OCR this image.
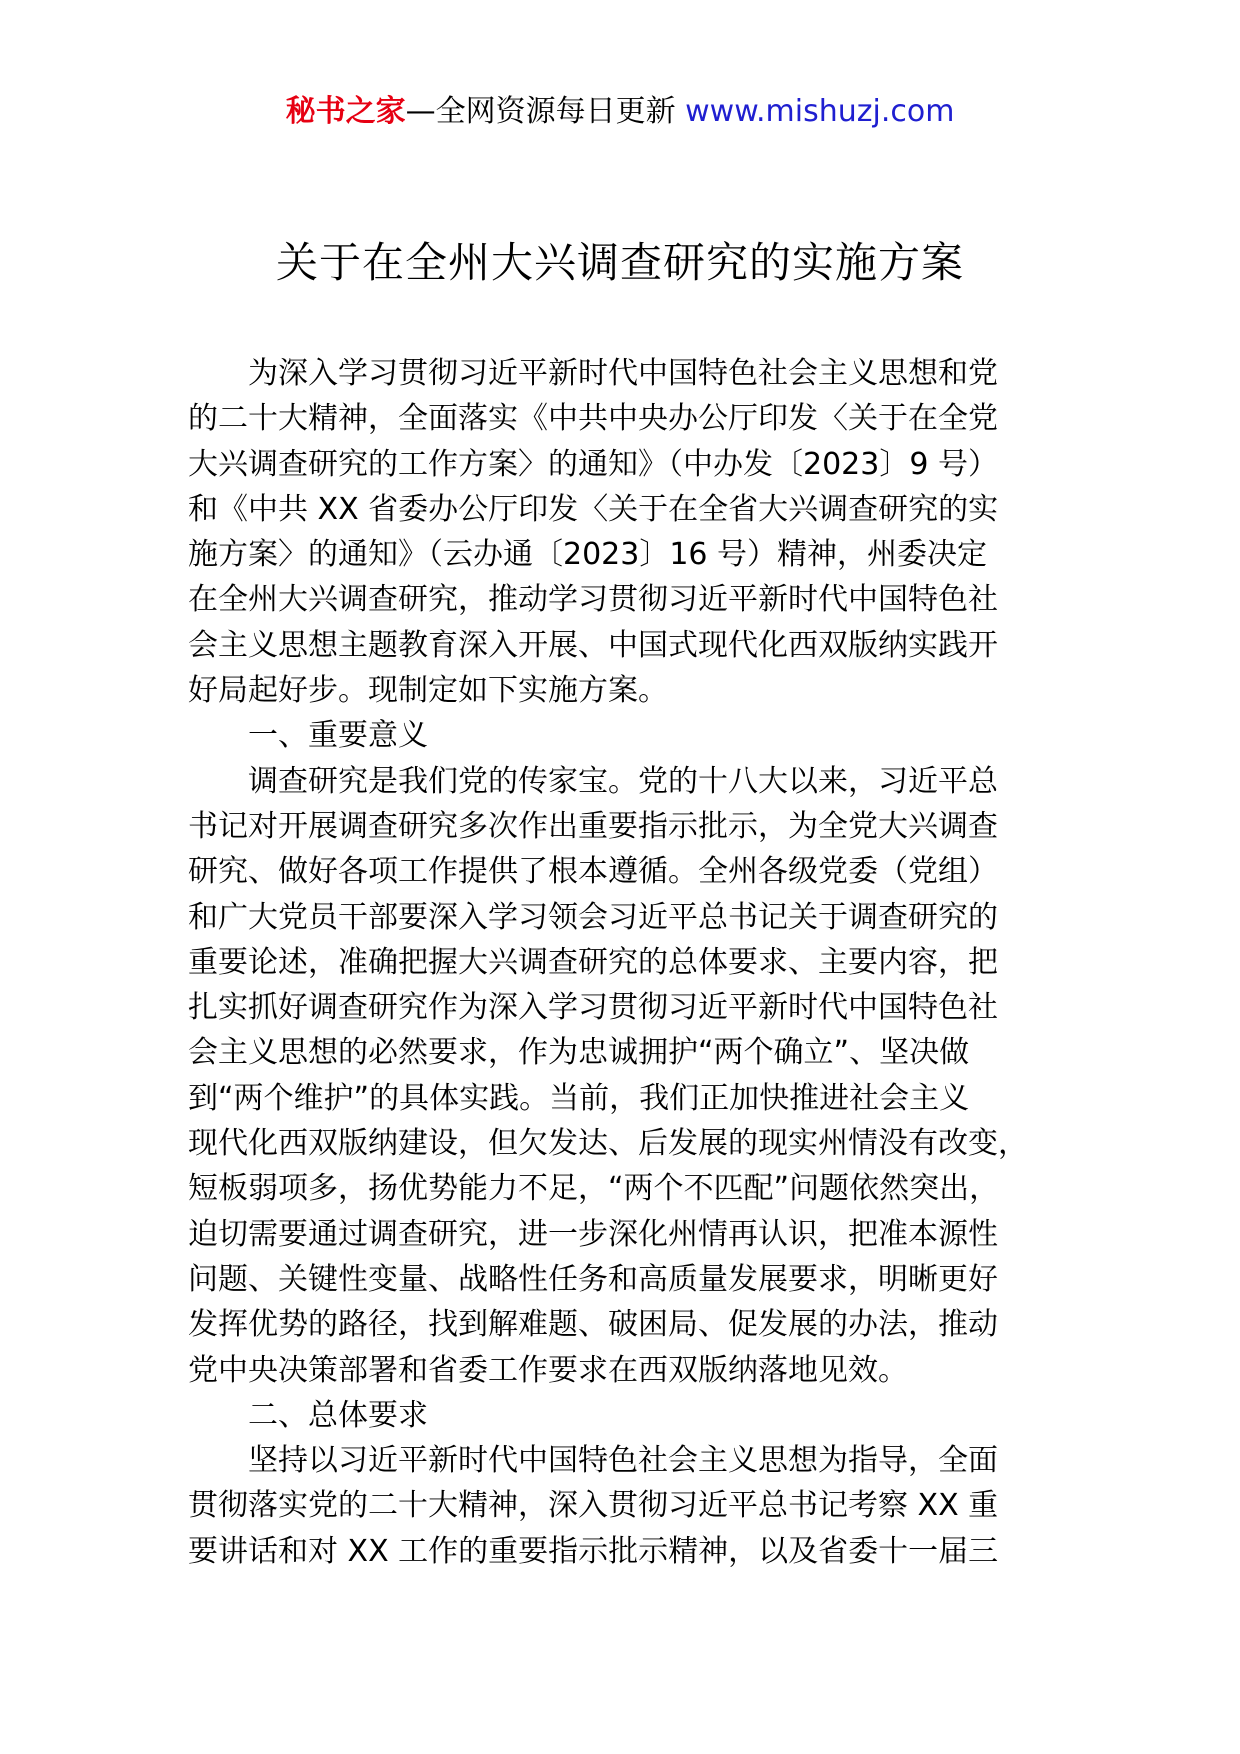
秘书之家—全网资源每日更新 www.mishuzj.com
关于在全州大兴调查研究的实施方案
　　为深入学习贯彻习近平新时代中国特色社会主义思想和党
的二十大精神，全面落实《中共中央办公厅印发〈关于在全党
大兴调查研究的工作方案〉的通知》（中办发〔2023〕9 号）
和《中共 XX 省委办公厅印发〈关于在全省大兴调查研究的实
施方案〉的通知》（云办通〔2023〕16 号）精神，州委决定
在全州大兴调查研究，推动学习贯彻习近平新时代中国特色社
会主义思想主题教育深入开展、中国式现代化西双版纳实践开
好局起好步。现制定如下实施方案。
　　一、重要意义
　　调查研究是我们党的传家宝。党的十八大以来，习近平总
书记对开展调查研究多次作出重要指示批示，为全党大兴调查
研究、做好各项工作提供了根本遵循。全州各级党委（党组）
和广大党员干部要深入学习领会习近平总书记关于调查研究的
重要论述，准确把握大兴调查研究的总体要求、主要内容，把
扎实抓好调查研究作为深入学习贯彻习近平新时代中国特色社
会主义思想的必然要求，作为忠诚拥护“两个确立”、坚决做
到“两个维护”的具体实践。当前，我们正加快推进社会主义
现代化西双版纳建设，但欠发达、后发展的现实州情没有改变，
短板弱项多，扬优势能力不足，“两个不匹配”问题依然突出，
迫切需要通过调查研究，进一步深化州情再认识，把准本源性
问题、关键性变量、战略性任务和高质量发展要求，明晰更好
发挥优势的路径，找到解难题、破困局、促发展的办法，推动
党中央决策部署和省委工作要求在西双版纳落地见效。
　　二、总体要求
　　坚持以习近平新时代中国特色社会主义思想为指导，全面
贯彻落实党的二十大精神，深入贯彻习近平总书记考察 XX 重
要讲话和对 XX 工作的重要指示批示精神，以及省委十一届三
